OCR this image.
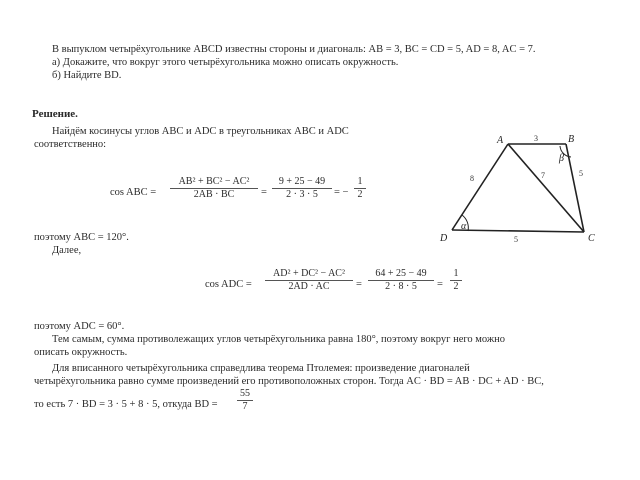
В выпуклом четырёхугольнике ABCD известны стороны и диагональ: AB = 3, BC = CD = 5, AD = 8, AC = 7.
а) Докажите, что вокруг этого четырёхугольника можно описать окружность.
б) Найдите BD.
Решение.
Найдём косинусы углов ABC и ADC в треугольниках ABC и ADC
соответственно:
cos ABC = $\frac{\text{AB² + BC² − AC²}}{2AB \cdot BC} = \frac{9 + 25 - 49}{2 \cdot 3 \cdot 5}$ = − $\frac{1}{2}$
поэтому ABC = 120°.
Далее,
cos ADC = $\frac{\text{AD² + DC² − AC²}}{2AD \cdot AC} = \frac{64 + 25 - 49}{2 \cdot 8 \cdot 5} = \frac{1}{2}$
поэтому ADC = 60°.
Тем самым, сумма противолежащих углов четырёхугольника равна 180°, поэтому вокруг него можно
описать окружность.
Для вписанного четырёхугольника справедлива теорема Птолемея: произведение диагоналей
четырёхугольника равно сумме произведений его противоположных сторон. Тогда AC · BD = AB · DC + AD · BC,
то есть 7 · BD = 3 · 5 + 8 · 5, откуда BD = $\frac{55}{7}$
A	B
C
D
α
β
3
8	7	5
5
